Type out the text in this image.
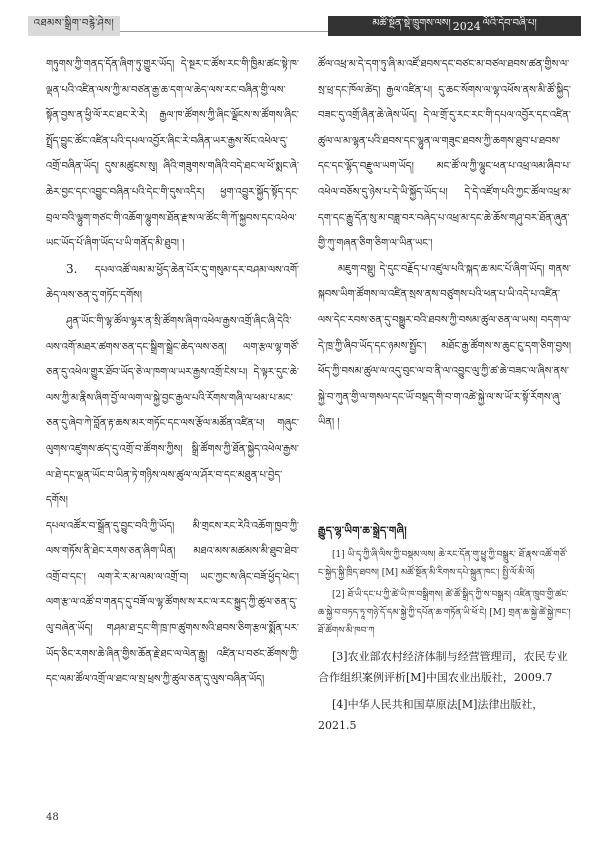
འཐམས་སྒྲིག་བརྙེ་ཤེས།	མཚོ་སྔོན་སྡེ་ཁྲུགས་ལས། 2024 ལོའི་དེབ་བཞི་པ།

གཏུགས་ཀྱི་གནད་དོན་ཞིག་ཏུ་གྱུར་ཡོད། དེ་སྔར་ང་ཚོས་རང་གི་ཁྱིམ་ཚང་སྟེ་ཁ་ལྡན་པའི་འཛིན་ལས་ཀྱི་མ་བཙན་རྒྱ་ཆ་དག་ལ་ཆེད་ལས་རང་བཞིན་གྱི་ལས་སྟོན་བྱས་ན་ཕྱི་ལོ་རང་ཐང་རེ་རེ། རྒྱལ་ཁ་ཚོགས་ཀྱི་ཞིང་ལྗོངས་ས་ཚོགས་ཞིང་སྤྲོད་བྱུང་ཚོང་འཛིན་པའི་དཔལ་འབྱོར་ཞིང་རེ་བཞིན་ཡར་རྒྱས་སོང་འཕེལ་དུ་འགྲོ་བཞིན་ཡོད། དུས་མཚུངས་སུ། ཞིའི་གཟུགས་གཞིའི་བདེ་ཐང་ལ་ཕོ་སྨང་ཞེ་ཆེར་བྱང་དང་འབྱུང་བཞིན་པའི་དེང་གི་དུས་འདིར། ཕྱག་འབྱུར་སྐྱོད་སྟོད་དང་བྲལ་བའི་ལྷུག་གཙང་གི་འཆོག་ལྷུགས་ཐོན་རྫས་ལ་ཚོང་གི་ཀོ་སྐྱབས་དང་འཕེལ་ཡང་ཡོད་པོ་ཞིག་ཡོད་པ་ཡི་གནོད་མི་ཐུབ། །

3. དཔལ་འཚོ་ལམ་མ་ཕྱོད་ཆེན་པོར་དུ་གསུམ་དར་བཤམ་ལས་འགོ་ཆེད་ལས་ཅན་དུ་གཏོང་དགོས།

ཤུན་ཡོང་གི་ལྷ་ཚོལ་ལྷར་ན་སྲི་ཚོགས་ཞིག་འཕེལ་རྒྱས་འགྲོ་ཞིང་ཞི་དེའི་ལས་འགོ་མཐར་ཚགས་ཅན་དང་སྒྲིག་སྒྲེང་ཆེད་ལས་ཅན། ལག་རྩལ་ལྷ་གཙོ་ཅན་དུ་འཕེལ་གྱུར་ཐོབ་ཡོད་ཅེ་ལ་ཁག་ལ་ཡར་རྒྱས་འགྲོ་ངེས་པ། དེ་ལྟར་དུང་ཆེ་ལས་ཀྱི་མ་རྣིས་ཞིག་བྱོ་ལ་ལག་ལ་སྐྱེ་བྱང་རྒྱལ་པའི་རོགས་གཞི་ལ་ཕམ་པ་མང་ཅན་དུ་ཞེབ་ཀེ་བློན་རྟ་ཆས་མར་གཏོང་དང་ལས་རྩོལ་མཚོན་འཛིན་པ། གཞུང་ལུགས་འཛུགས་ཚད་དུ་འགྲོ་བ་ཚོགས་ཀྱིས། སྒྲི་ཚོགས་ཀྱི་ཐོན་སྐྱེད་འཕེལ་རྒྱས་ལ་ཐེ་དང་ལྡན་ཡོང་བ་ཡིན་ཏེ་གཉིས་ལས་ཚུལ་ལ་ཤོར་བ་དང་མཐུན་པ་བྱེད་དགོས།

དཔལ་འཚོར་བ་སྒྲོན་དུ་བྱུང་བའི་ཀྱི་ཡོད། མི་གྲངས་རང་རེའི་འཆོག་ཁྱབ་ཀྱི་ལས་གཏོས་ནི་ཐེང་རགས་ཅན་ཞིག་ཡིན། མཐའ་མས་མཚམས་མི་ཐུབ་ཐེབ་འགྲོ་བ་དང་། ལག་རེ་ར་མ་ལམ་ལ་འགྲོ་བ། ཡང་ཀྱང་ས་ཞིང་བཟོ་ཕྱོད་ཕེང་། ལག་རྩ་ལ་འཚོ་བ་གནད་དུ་བཟོ་ལ་ལྷ་ཚོགས་ས་རང་ལ་རང་སྐྱུད་ཀྱི་ཚུལ་ཅན་དུ་ལུ་བཞེན་ཡོད། གཤམ་ཐ་དྲང་གི་ཁྲ་ཁ་ཚུགས་སའི་ཐབས་ཅིག་རྩལ་སྨོན་པར་ཡོད་ཅིང་རགས་ཆེ་ཞིན་གྱིས་ཆོན་རྗེ་ཐང་ལ་ལེན་རྒྱུ། འཛིན་པ་བཙང་ཚོགས་ཀྱི་དང་ལམ་ཚོལ་འགྲོ་ལ་ཐང་ལ་སྲ་ཕྲས་ཀྱི་ཚུལ་ཅན་དུ་ལུས་བཞིན་ཡོད།

ཚོལ་འཕྲ་མ་དེ་དག་ཏུ་ཞི་མ་འཛོ་ཐབས་དང་བཙང་མ་བཙལ་ཐབས་ཚན་གྱིས་ལ་སྲ་ཕྲ་དང་ཁོལ་ཚེད། རྒྱལ་འཛིན་པ། དུ་ཆང་སོགས་ལ་ལྷ་འཕོས་ནས་མི་ཚོ་སྐྱིད་བཟང་དུ་འགྲོ་ཞིན་ཆེ་ཞེས་ཡོད། དེ་ལ་གྲོ་དུ་རང་རང་གི་དཔལ་འབྱོར་དང་འཛིན་ཚུལ་ལ་མ་ལྷན་པའི་ཐབས་དང་ལྷུན་ལ་གཟུང་ཐབས་ཀྱི་ཆགས་ཐུབ་པ་ཐབས་དང་དང་ལྷོད་བརྫུལ་ཡག་ཡོད། མང་ཚོ་ལ་ཀྱི་ལྷུང་ཕན་པ་འཕྲ་ལམ་ཞིབ་པ་འཕེལ་བཅོས་དུ་ཉེས་པ་དེ་ཡི་སྐྱོད་ཡོད་པ། དེ་དེ་འཛོག་པའི་ཀྱང་ཚོལ་འཕྲ་མ་དག་དང་རྒྱུ་དོན་སུ་མ་བཟླ་བར་བཞེད་པ་འཕྲ་མ་དང་ཆེ་ཆོས་གཤུ་བར་ཐོན་ཞུན་གྱི་ཀུ་གཞན་ཅིག་ཅིག་ལ་ཡིན་ཡང་།

མཇུག་བསྡུ། དེ་དུང་བརྗོད་པ་འཛུལ་པའི་སྐད་ཆ་མང་པོ་ཞིག་ཡོད། གནས་སྐབས་ཡིག་ཚོགས་ལ་འཛིན་སྲས་ནས་བཙུགས་པའི་ཕན་པ་ཡི་འདེ་པ་འཛིན་ལས་དེང་རབས་ཅན་དུ་བསྒྱུར་བའི་ཐབས་ཀྱི་བསམ་ཚུལ་ཅན་ལ་ཡས། བདག་ལ་དེ་ཁྲ་ཀྱི་ཞིབ་ཡོད་དང་ཉམས་སྤྱོང་། མཐོང་རྒྱ་ཚོགས་ས་ཆུང་ངུ་དག་ཅིག་བྱས། ཕོད་ཀྱི་བསམ་ཚུལ་ལ་འདུ་བུང་ལ་བ་ནི་ལ་འབྱུང་ལུ་ཀྱི་ཚ་ཆེ་བཟང་ལ་ཞིས་ནས་སྐྱེ་བ་ཀུན་གྱི་ལ་གསལ་དང་ཡོ་བསྡད་གི་བ་ག་འཚེ་སྐྱེ་ལ་ས་ཡོ་ར་སྟོ་རོགས་ཞུ་ཡིན། །

རྒྱུད་ལྷ་ཡིག་ཆ་སྒྲེད་གཞི།

[1] ཡི་དྭ་ཀྱི་ཞི་ལིས་ཀྱི་བསྡམ་ལས། ཆེ་རང་དོན་གུ་ཕྱུ་ཀྱི་བསྒྲུར་ ཐོ་རྣས་འཚོ་གཙོ་ང་སྐྱེད་སྐྱི་ཁྲིད་ཐབས། [M] མཚོ་སྔོན་མི་རིགས་དཔེ་སྐྲུན་ཁང་། སྤྱི་ལོ་མི་ལོ།

[2] ཐོ་ཡི་དང་པ་ཀྱི་ཚེ་ཡི་ཁ་བསྒྲིགས། ཚེ་ཚོ་སྒྲིད་ཀྱི་ས་བསྒྲར། འཛིན་ཁྲུབ་གྱི་ཚང་ཆ་སྐྱེ་བ་བཏད་ཏཱ་གཉེ་དོ་དམ་སྐྱེ་ཀྱི་དཔོན་ཆ་གཏོན་ཡི་ཕོ་ངེ། [M] གྲན་ཆ་སྐྱེ་ཚེ་སྐྱེ་ཁང་། ཐོ་ཚོགས་མི་ཁབ་ཀ

[3]农业部农村经济体制与经营管理司，农民专业合作组织案例评析[M]中国农业出版社，2009.7

[4]中华人民共和国草原法[M]法律出版社，2021.5

48
